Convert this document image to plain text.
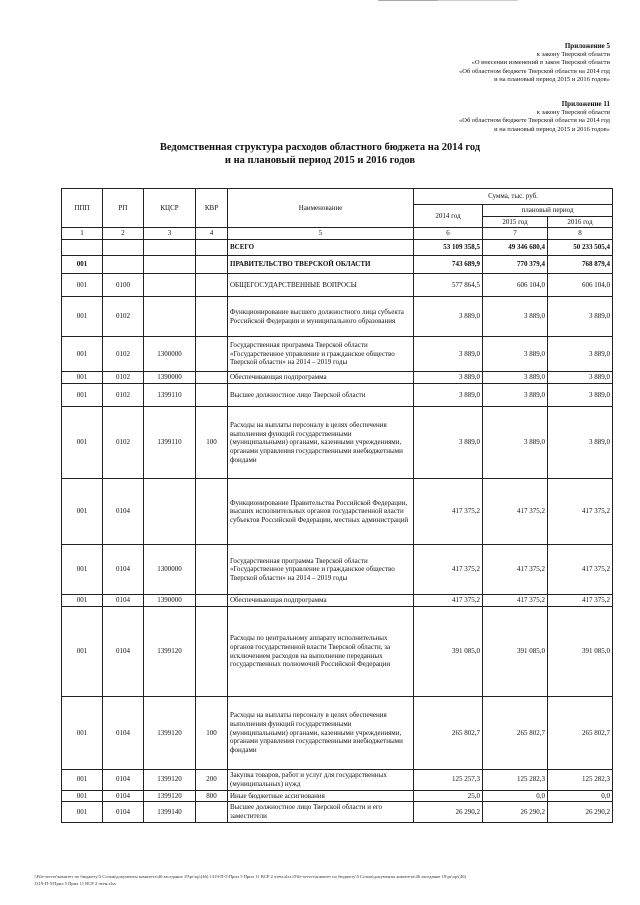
Приложение 5
к закону Тверской области
«О внесении изменений в закон Тверской области
«Об областном бюджете Тверской области на 2014 год
и на плановый период 2015 и 2016 годов»
Приложение 11
к закону Тверской области
«Об областном бюджете Тверской области на 2014 год
и на плановый период 2015 и 2016 годов»
Ведомственная структура расходов областного бюджета на 2014 год
и на плановый период 2015 и 2016 годов
ППП	РП	КЦСР	КВР	Наименование	Сумма, тыс. руб.		
					2014 год	плановый период	
						2015 год	2016 год
1	2	3	4	5	6	7	8
				ВСЕГО	53 109 358,5	49 346 680,4	50 233 505,4
001				ПРАВИТЕЛЬСТВО ТВЕРСКОЙ ОБЛАСТИ	743 689,9	770 379,4	768 879,4
001	0100			ОБЩЕГОСУДАРСТВЕННЫЕ ВОПРОСЫ	577 864,5	606 104,0	606 104,0
001	0102			Функционирование высшего должностного лица субъекта Российской Федерации и муниципального образования	3 889,0	3 889,0	3 889,0
001	0102	1300000		Государственная программа Тверской области «Государственное управление и гражданское общество Тверской области» на 2014 – 2019 годы	3 889,0	3 889,0	3 889,0
001	0102	1390000		Обеспечивающая подпрограмма	3 889,0	3 889,0	3 889,0
001	0102	1399110		Высшее должностное лицо Тверской области	3 889,0	3 889,0	3 889,0
001	0102	1399110	100	Расходы на выплаты персоналу в целях обеспечения выполнения функций государственными (муниципальными) органами, казенными учреждениями, органами управления государственными внебюджетными фондами	3 889,0	3 889,0	3 889,0
001	0104			Функционирование Правительства Российской Федерации, высших исполнительных органов государственной власти субъектов Российской Федерации, местных администраций	417 375,2	417 375,2	417 375,2
001	0104	1300000		Государственная программа Тверской области «Государственное управление и гражданское общество Тверской области» на 2014 – 2019 годы	417 375,2	417 375,2	417 375,2
001	0104	1390000		Обеспечивающая подпрограмма	417 375,2	417 375,2	417 375,2
001	0104	1399120		Расходы по центральному аппарату исполнительных органов государственной власти Тверской области, за исключением расходов на выполнение переданных государственных полномочий Российской Федерации	391 085,0	391 085,0	391 085,0
001	0104	1399120	100	Расходы на выплаты персоналу в целях обеспечения выполнения функций государственными (муниципальными) органами, казенными учреждениями, органами управления государственными внебюджетными фондами	265 802,7	265 802,7	265 802,7
001	0104	1399120	200	Закупка товаров, работ и услуг для государственных (муниципальных) нужд	125 257,3	125 282,3	125 282,3
001	0104	1399120	800	Иные бюджетные ассигнования	25,0	0,0	0,0
001	0104	1399140		Высшее должностное лицо Тверской области и его заместители	26 290,2	26 290,2	26 290,2
\\File-server\комитет по бюджету\5 Созыв\документы комитета\46 заседание 19\pr\op\(46) 1319-П-5\Прил 5 Прил 11 ВСР 2 чтен.xlsx\\File-server\комитет по бюджету\5 Созыв\документы комитета\46 заседание 19\pr\op\(46)
1319-П-5\Прил 5 Прил 11 ВСР 2 чтен.xlsx
